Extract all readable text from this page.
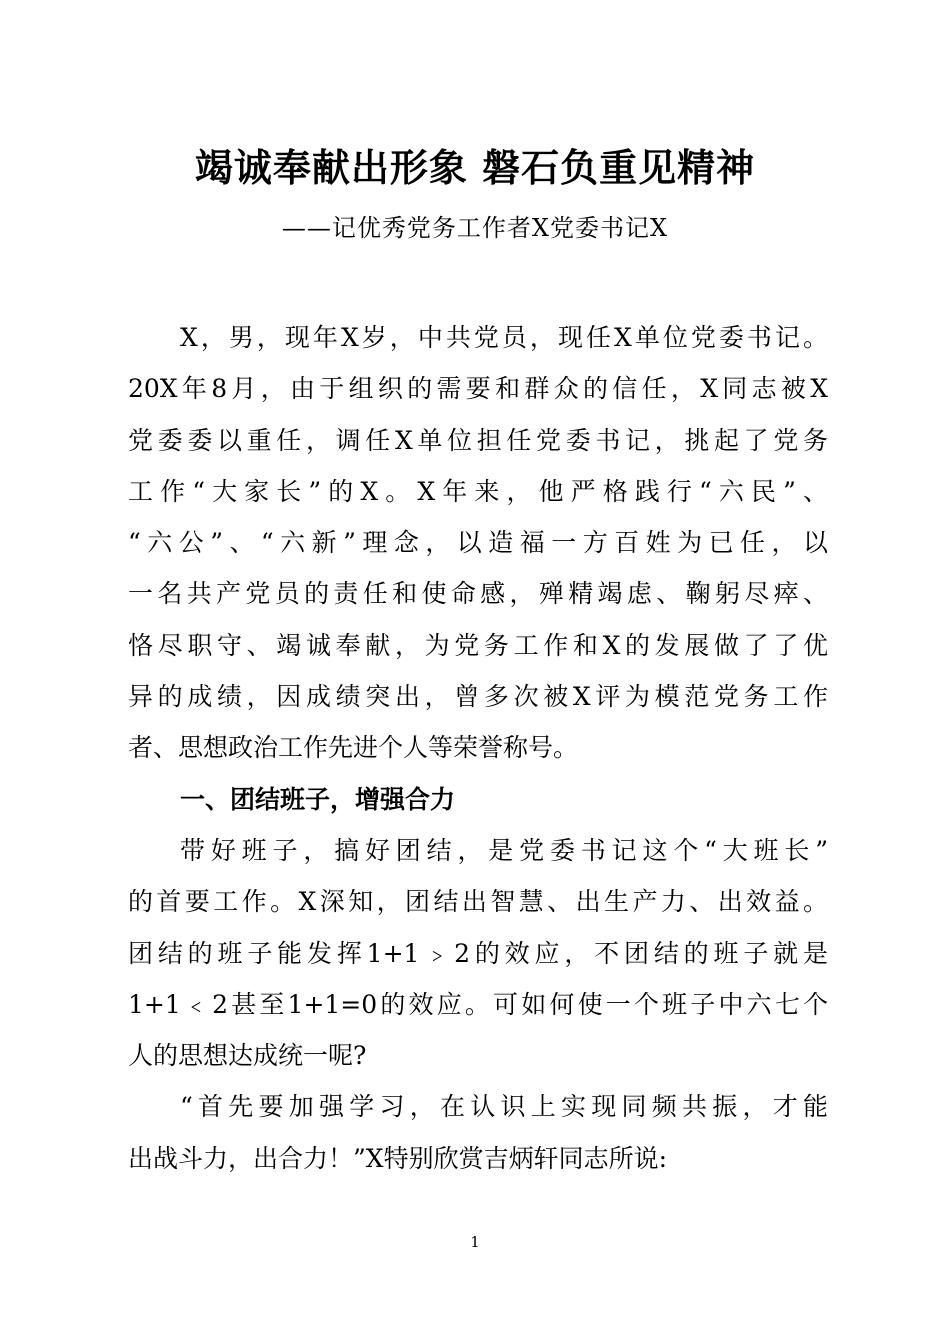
竭诚奉献出形象 磐石负重见精神
——记优秀党务工作者X党委书记X
X，男，现年X岁，中共党员，现任X单位党委书记。
20X年8月，由于组织的需要和群众的信任，X同志被X
党委委以重任，调任X单位担任党委书记，挑起了党务
工作“大家长”的X。X年来，他严格践行“六民”、
“六公”、“六新”理念，以造福一方百姓为已任，以
一名共产党员的责任和使命感，殚精竭虑、鞠躬尽瘁、
恪尽职守、竭诚奉献，为党务工作和X的发展做了了优
异的成绩，因成绩突出，曾多次被X评为模范党务工作
者、思想政治工作先进个人等荣誉称号。
一、团结班子，增强合力
带好班子，搞好团结，是党委书记这个“大班长”
的首要工作。X深知，团结出智慧、出生产力、出效益。
团结的班子能发挥1+1﹥2的效应，不团结的班子就是
1+1﹤2甚至1+1=0的效应。可如何使一个班子中六七个
人的思想达成统一呢?
“首先要加强学习，在认识上实现同频共振，才能
出战斗力，出合力！”X特别欣赏吉炳轩同志所说:
1
